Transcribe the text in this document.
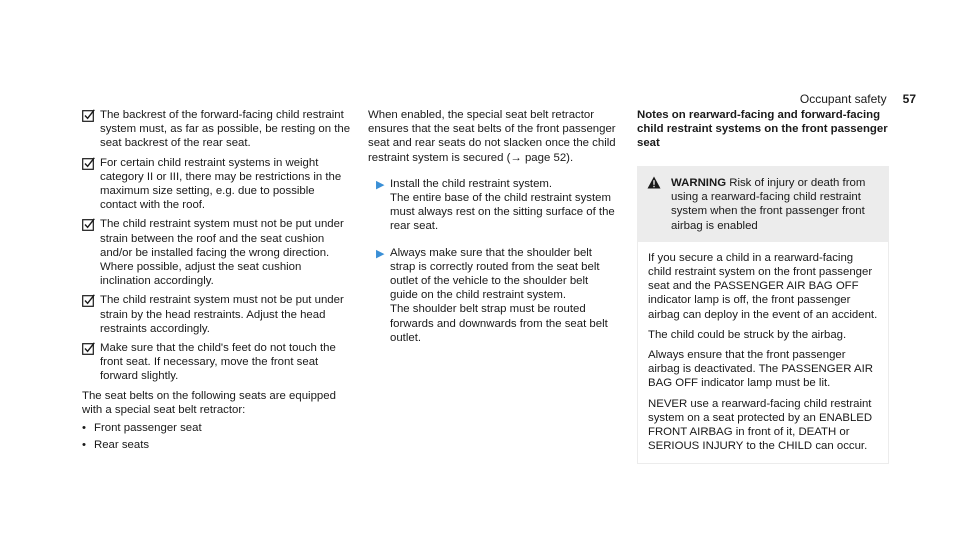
Occupant safety 57
The backrest of the forward-facing child restraint system must, as far as possible, be resting on the seat backrest of the rear seat.
For certain child restraint systems in weight category II or III, there may be restrictions in the maximum size setting, e.g. due to possible contact with the roof.
The child restraint system must not be put under strain between the roof and the seat cushion and/or be installed facing the wrong direction. Where possible, adjust the seat cushion inclination accordingly.
The child restraint system must not be put under strain by the head restraints. Adjust the head restraints accordingly.
Make sure that the child's feet do not touch the front seat. If necessary, move the front seat forward slightly.

The seat belts on the following seats are equipped with a special seat belt retractor:

• Front passenger seat
• Rear seats

When enabled, the special seat belt retractor ensures that the seat belts of the front passenger seat and rear seats do not slacken once the child restraint system is secured (→ page 52).

▶ Install the child restraint system.
The entire base of the child restraint system must always rest on the sitting surface of the rear seat.
▶ Always make sure that the shoulder belt strap is correctly routed from the seat belt outlet of the vehicle to the shoulder belt guide on the child restraint system.
The shoulder belt strap must be routed forwards and downwards from the seat belt outlet.

Notes on rearward-facing and forward-facing child restraint systems on the front passenger seat

WARNING Risk of injury or death from using a rearward-facing child restraint system when the front passenger front airbag is enabled

If you secure a child in a rearward-facing child restraint system on the front passenger seat and the PASSENGER AIR BAG OFF indicator lamp is off, the front passenger airbag can deploy in the event of an accident.

The child could be struck by the airbag.

Always ensure that the front passenger airbag is deactivated. The PASSENGER AIR BAG OFF indicator lamp must be lit.

NEVER use a rearward-facing child restraint system on a seat protected by an ENABLED FRONT AIRBAG in front of it, DEATH or SERIOUS INJURY to the CHILD can occur.
